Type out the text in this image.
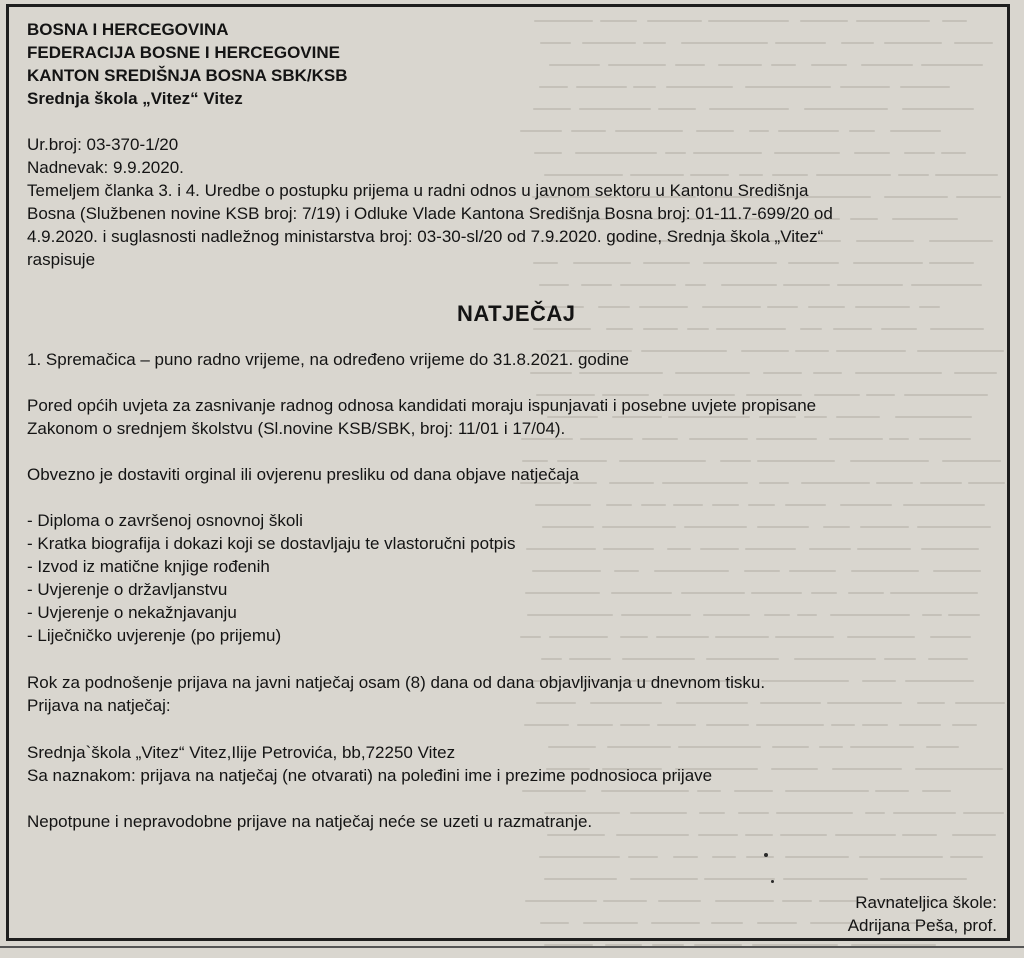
BOSNA I HERCEGOVINA
FEDERACIJA BOSNE I HERCEGOVINE
KANTON SREDIŠNJA BOSNA SBK/KSB
Srednja škola „Vitez“ Vitez
Ur.broj: 03-370-1/20
Nadnevak: 9.9.2020.
Temeljem članka 3. i 4. Uredbe o postupku prijema u radni odnos u javnom sektoru u Kantonu Središnja
Bosna (Službenen novine KSB broj: 7/19) i Odluke Vlade Kantona Središnja Bosna broj: 01-11.7-699/20 od
4.9.2020. i suglasnosti nadležnog ministarstva broj: 03-30-sl/20 od 7.9.2020. godine, Srednja škola „Vitez“
raspisuje
NATJEČAJ
1. Spremačica – puno radno vrijeme, na određeno vrijeme do 31.8.2021. godine
Pored općih uvjeta za zasnivanje radnog odnosa kandidati moraju ispunjavati i posebne uvjete propisane
Zakonom o srednjem školstvu (Sl.novine KSB/SBK, broj: 11/01 i 17/04).
Obvezno je dostaviti orginal ili ovjerenu presliku od dana objave natječaja
- Diploma o završenoj osnovnoj školi
- Kratka biografija i dokazi koji se dostavljaju te vlastoručni potpis
- Izvod iz matične knjige rođenih
- Uvjerenje o državljanstvu
- Uvjerenje o nekažnjavanju
- Liječničko uvjerenje (po prijemu)
Rok za podnošenje prijava na javni natječaj osam (8) dana od dana objavljivanja u dnevnom tisku.
Prijava na natječaj:
Srednja`škola „Vitez“ Vitez,Ilije Petrovića, bb,72250 Vitez
Sa naznakom: prijava na natječaj (ne otvarati) na poleđini ime i prezime podnosioca prijave
Nepotpune i nepravodobne prijave na natječaj neće se uzeti u razmatranje.
Ravnateljica škole:
Adrijana Peša, prof.
